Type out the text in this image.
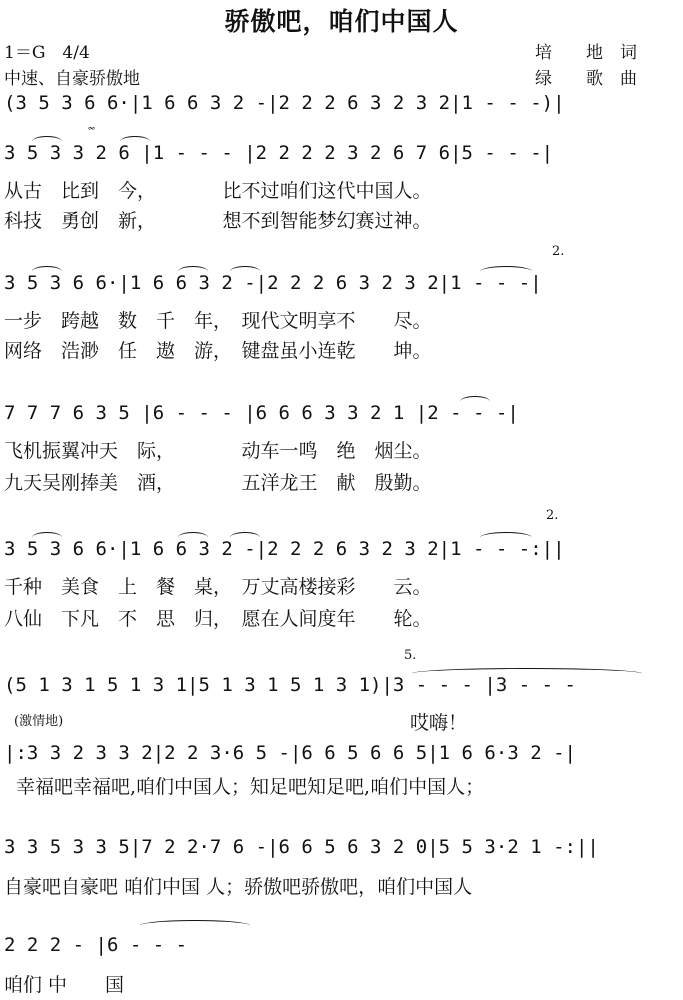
骄傲吧，咱们中国人
1＝G　4/4	培　　地　词
中速、自豪骄傲地	绿　　歌　曲
(3 5 3 6 6·|1 6 6 3 2 -|2 2 2 6 3 2 3 2|1 - - -)|
3 5 3 3 2 6 |1 - - - |2 2 2 2 3 2 6 7 6|5 - - -|
从古　比到　今，　　　　比不过咱们这代中国人。
科技　勇创　新，　　　　想不到智能梦幻赛过神。
𝆗
3 5 3 6 6·|1 6 6 3 2 -|2 2 2 6 3 2 3 2|1 - - -|
一步　跨越　数　千　年，　现代文明享不　　尽。
网络　浩渺　任　遨　游，　键盘虽小连乾　　坤。
2.
7 7 7 6 3 5 |6 - - - |6 6 6 3 3 2 1 |2 - - -|
飞机振翼冲天　际，　　　　动车一鸣　绝　烟尘。
九天吴刚捧美　酒，　　　　五洋龙王　献　殷勤。
3 5 3 6 6·|1 6 6 3 2 -|2 2 2 6 3 2 3 2|1 - - -:||
千种　美食　上　餐　桌，　万丈高楼接彩　　云。
八仙　下凡　不　思　归，　愿在人间度年　　轮。
2.
(5 1 3 1 5 1 3 1|5 1 3 1 5 1 3 1)|3 - - - |3 - - -
(激情地)	哎嗨！
5.
|:3 3 2 3 3 2|2 2 3·6 5 -|6 6 5 6 6 5|1 6 6·3 2 -|
幸福吧幸福吧,咱们中国人；知足吧知足吧,咱们中国人；
3 3 5 3 3 5|7 2 2·7 6 -|6 6 5 6 3 2 0|5 5 3·2 1 -:||
自豪吧自豪吧 咱们中国 人；骄傲吧骄傲吧，咱们中国人
2 2 2 - |6 - - -
咱们 中　　国
